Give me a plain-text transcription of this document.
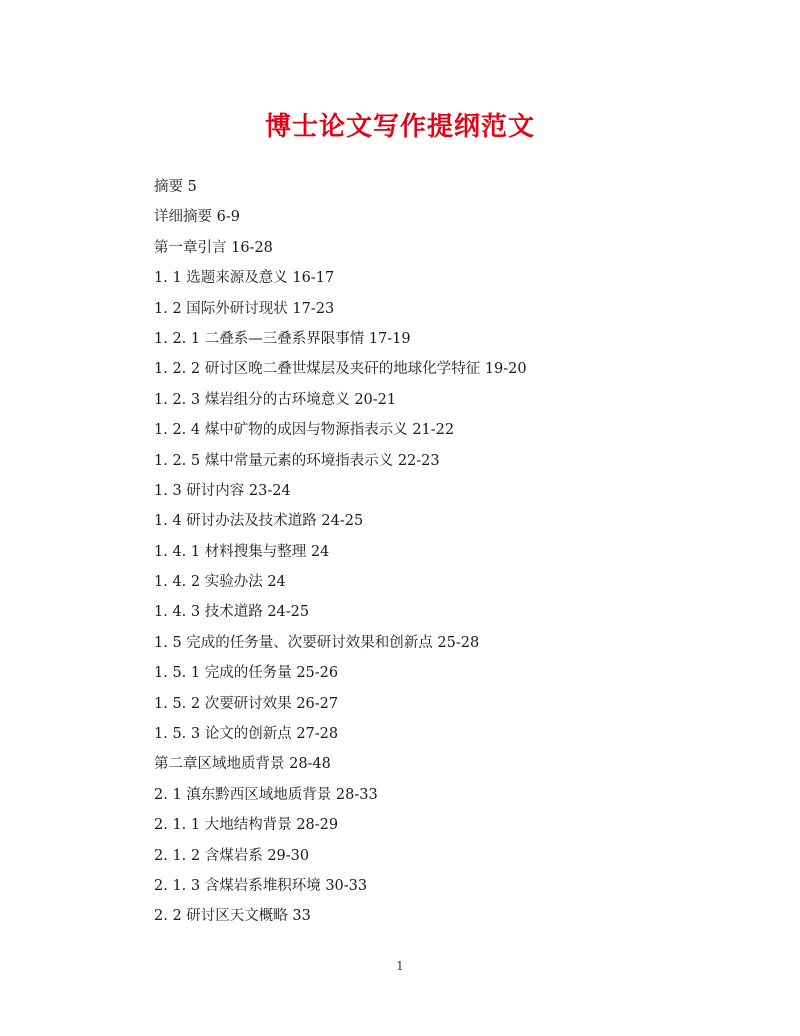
博士论文写作提纲范文
摘要 5
详细摘要 6-9
第一章引言 16-28
1. 1 选题来源及意义 16-17
1. 2 国际外研讨现状 17-23
1. 2. 1 二叠系—三叠系界限事情 17-19
1. 2. 2 研讨区晚二叠世煤层及夹矸的地球化学特征 19-20
1. 2. 3 煤岩组分的古环境意义 20-21
1. 2. 4 煤中矿物的成因与物源指表示义 21-22
1. 2. 5 煤中常量元素的环境指表示义 22-23
1. 3 研讨内容 23-24
1. 4 研讨办法及技术道路 24-25
1. 4. 1 材料搜集与整理 24
1. 4. 2 实验办法 24
1. 4. 3 技术道路 24-25
1. 5 完成的任务量、次要研讨效果和创新点 25-28
1. 5. 1 完成的任务量 25-26
1. 5. 2 次要研讨效果 26-27
1. 5. 3 论文的创新点 27-28
第二章区域地质背景 28-48
2. 1 滇东黔西区域地质背景 28-33
2. 1. 1 大地结构背景 28-29
2. 1. 2 含煤岩系 29-30
2. 1. 3 含煤岩系堆积环境 30-33
2. 2 研讨区天文概略 33
1
